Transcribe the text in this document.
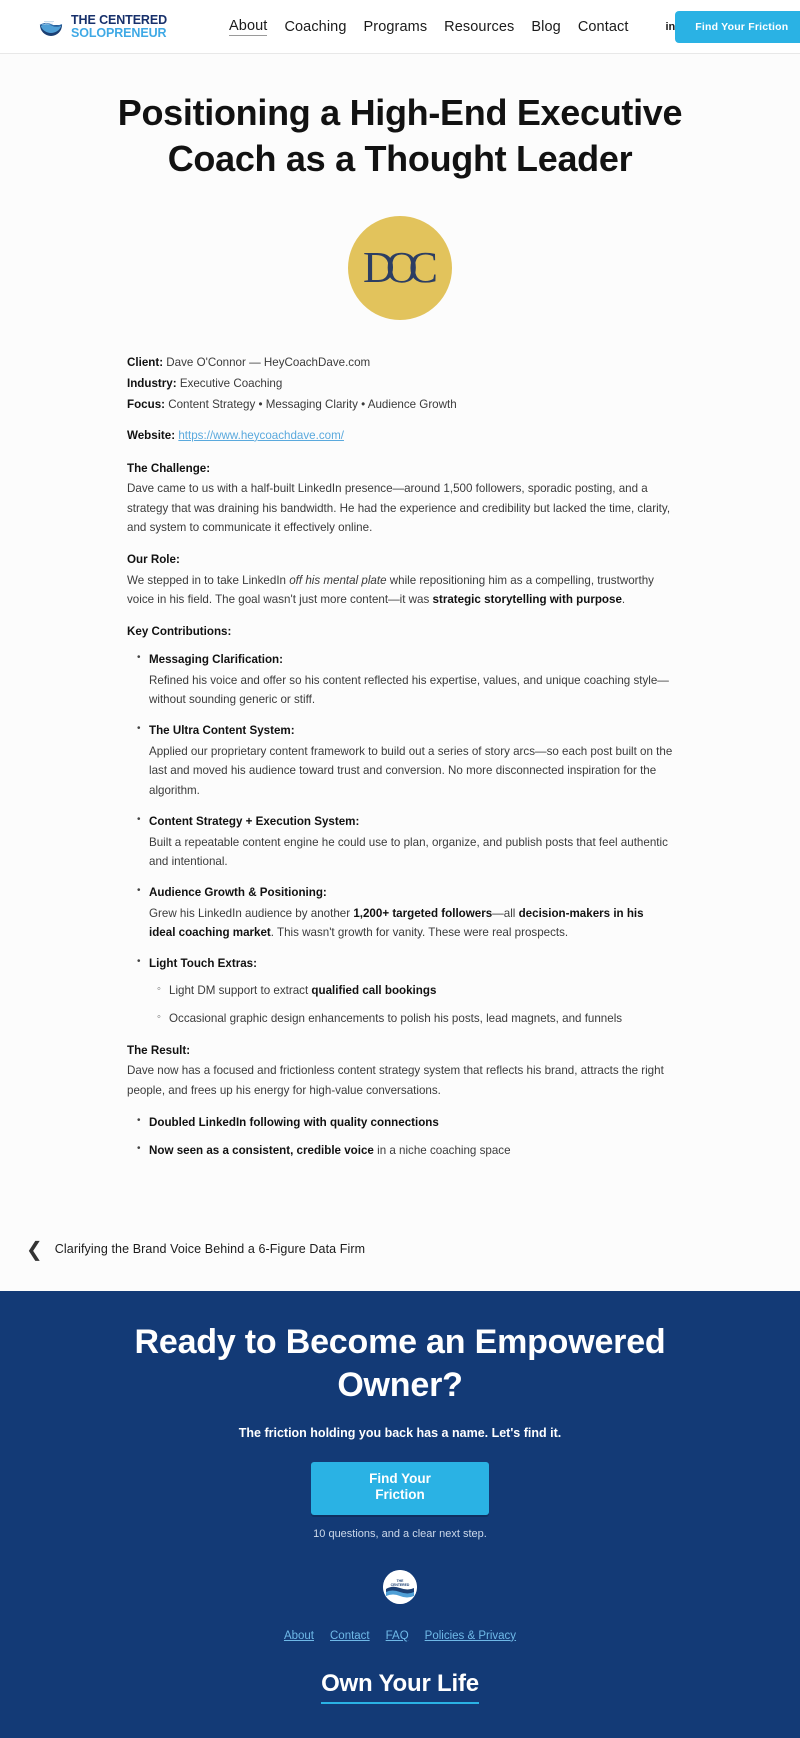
THE CENTERED
SOLOPRENEUR	About Coaching Programs Resources Blog Contact	in	Find Your Friction
Positioning a High-End Executive Coach as a Thought Leader
DOC

Client: Dave O'Connor — HeyCoachDave.com

Industry: Executive Coaching

Focus: Content Strategy • Messaging Clarity • Audience Growth

Website: https://www.heycoachdave.com/

The Challenge:

Dave came to us with a half-built LinkedIn presence—around 1,500 followers, sporadic posting, and a strategy that was draining his bandwidth. He had the experience and credibility but lacked the time, clarity, and system to communicate it effectively online.

Our Role:

We stepped in to take LinkedIn off his mental plate while repositioning him as a compelling, trustworthy voice in his field. The goal wasn't just more content—it was strategic storytelling with purpose.

Key Contributions:

• Messaging Clarification:
Refined his voice and offer so his content reflected his expertise, values, and unique coaching style—without sounding generic or stiff.
• The Ultra Content System:
Applied our proprietary content framework to build out a series of story arcs—so each post built on the last and moved his audience toward trust and conversion. No more disconnected inspiration for the algorithm.
• Content Strategy + Execution System:
Built a repeatable content engine he could use to plan, organize, and publish posts that feel authentic and intentional.
• Audience Growth & Positioning:
Grew his LinkedIn audience by another 1,200+ targeted followers—all decision-makers in his ideal coaching market. This wasn't growth for vanity. These were real prospects.
• Light Touch Extras:
◦ Light DM support to extract qualified call bookings
◦ Occasional graphic design enhancements to polish his posts, lead magnets, and funnels

The Result:

Dave now has a focused and frictionless content strategy system that reflects his brand, attracts the right people, and frees up his energy for high-value conversations.

• Doubled LinkedIn following with quality connections
• Now seen as a consistent, credible voice in a niche coaching space
❮ Clarifying the Brand Voice Behind a 6-Figure Data Firm
Ready to Become an Empowered Owner?

The friction holding you back has a name. Let's find it.

Find Your
Friction

10 questions, and a clear next step.

THE
CENTERED
About Contact FAQ Policies & Privacy
Own Your Life
